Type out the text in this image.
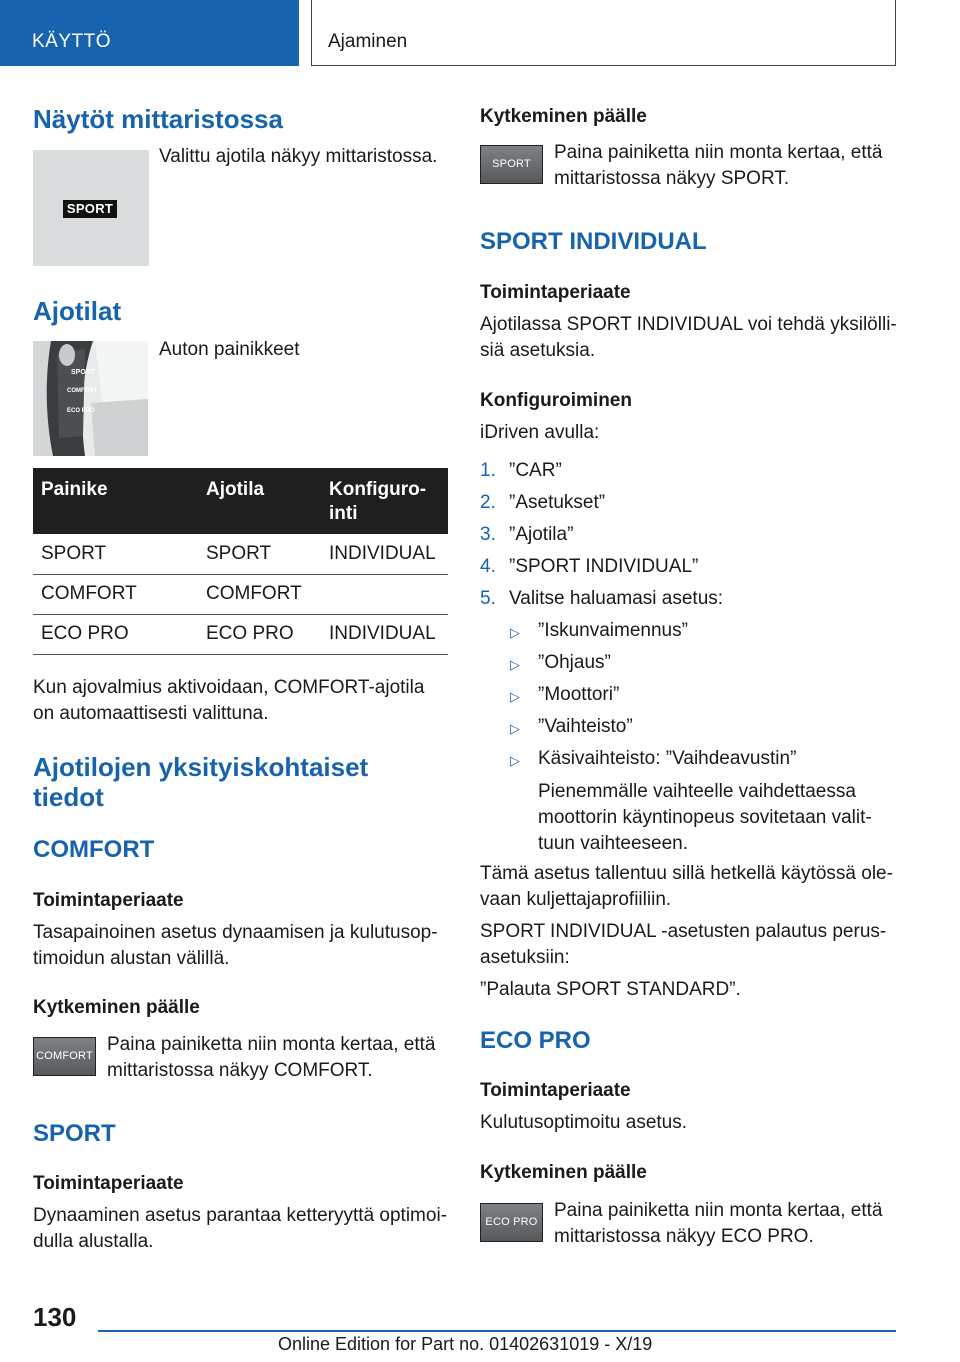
KÄYTTÖ	Ajaminen
Näytöt mittaristossa
SPORT
Valittu ajotila näkyy mittaristossa.
Ajotilat
SPORT
COMFORT
ECO PRO
Auton painikkeet
Painike	Ajotila	Konfiguro-
inti
SPORT	SPORT	INDIVIDUAL
COMFORT	COMFORT	
ECO PRO	ECO PRO	INDIVIDUAL
Kun ajovalmius aktivoidaan, COMFORT-ajotila
on automaattisesti valittuna.
Ajotilojen yksityiskohtaiset
tiedot
COMFORT
Toimintaperiaate
Tasapainoinen asetus dynaamisen ja kulutusop-
timoidun alustan välillä.
Kytkeminen päälle
COMFORT
Paina painiketta niin monta kertaa, että
mittaristossa näkyy COMFORT.
SPORT
Toimintaperiaate
Dynaaminen asetus parantaa ketteryyttä optimoi-
dulla alustalla.
Kytkeminen päälle
SPORT
Paina painiketta niin monta kertaa, että
mittaristossa näkyy SPORT.
SPORT INDIVIDUAL
Toimintaperiaate
Ajotilassa SPORT INDIVIDUAL voi tehdä yksilölli-
siä asetuksia.
Konfiguroiminen
iDriven avulla:
1. ”CAR”
2. ”Asetukset”
3. ”Ajotila”
4. ”SPORT INDIVIDUAL”
5. Valitse haluamasi asetus:
▷ ”Iskunvaimennus”
▷ ”Ohjaus”
▷ ”Moottori”
▷ ”Vaihteisto”
▷ Käsivaihteisto: ”Vaihdeavustin”
Pienemmälle vaihteelle vaihdettaessa
moottorin käyntinopeus sovitetaan valit-
tuun vaihteeseen.
Tämä asetus tallentuu sillä hetkellä käytössä ole-
vaan kuljettajaprofiiliin.
SPORT INDIVIDUAL -asetusten palautus perus-
asetuksiin:
”Palauta SPORT STANDARD”.
ECO PRO
Toimintaperiaate
Kulutusoptimoitu asetus.
Kytkeminen päälle
ECO PRO
Paina painiketta niin monta kertaa, että
mittaristossa näkyy ECO PRO.
130
Online Edition for Part no. 01402631019 - X/19
